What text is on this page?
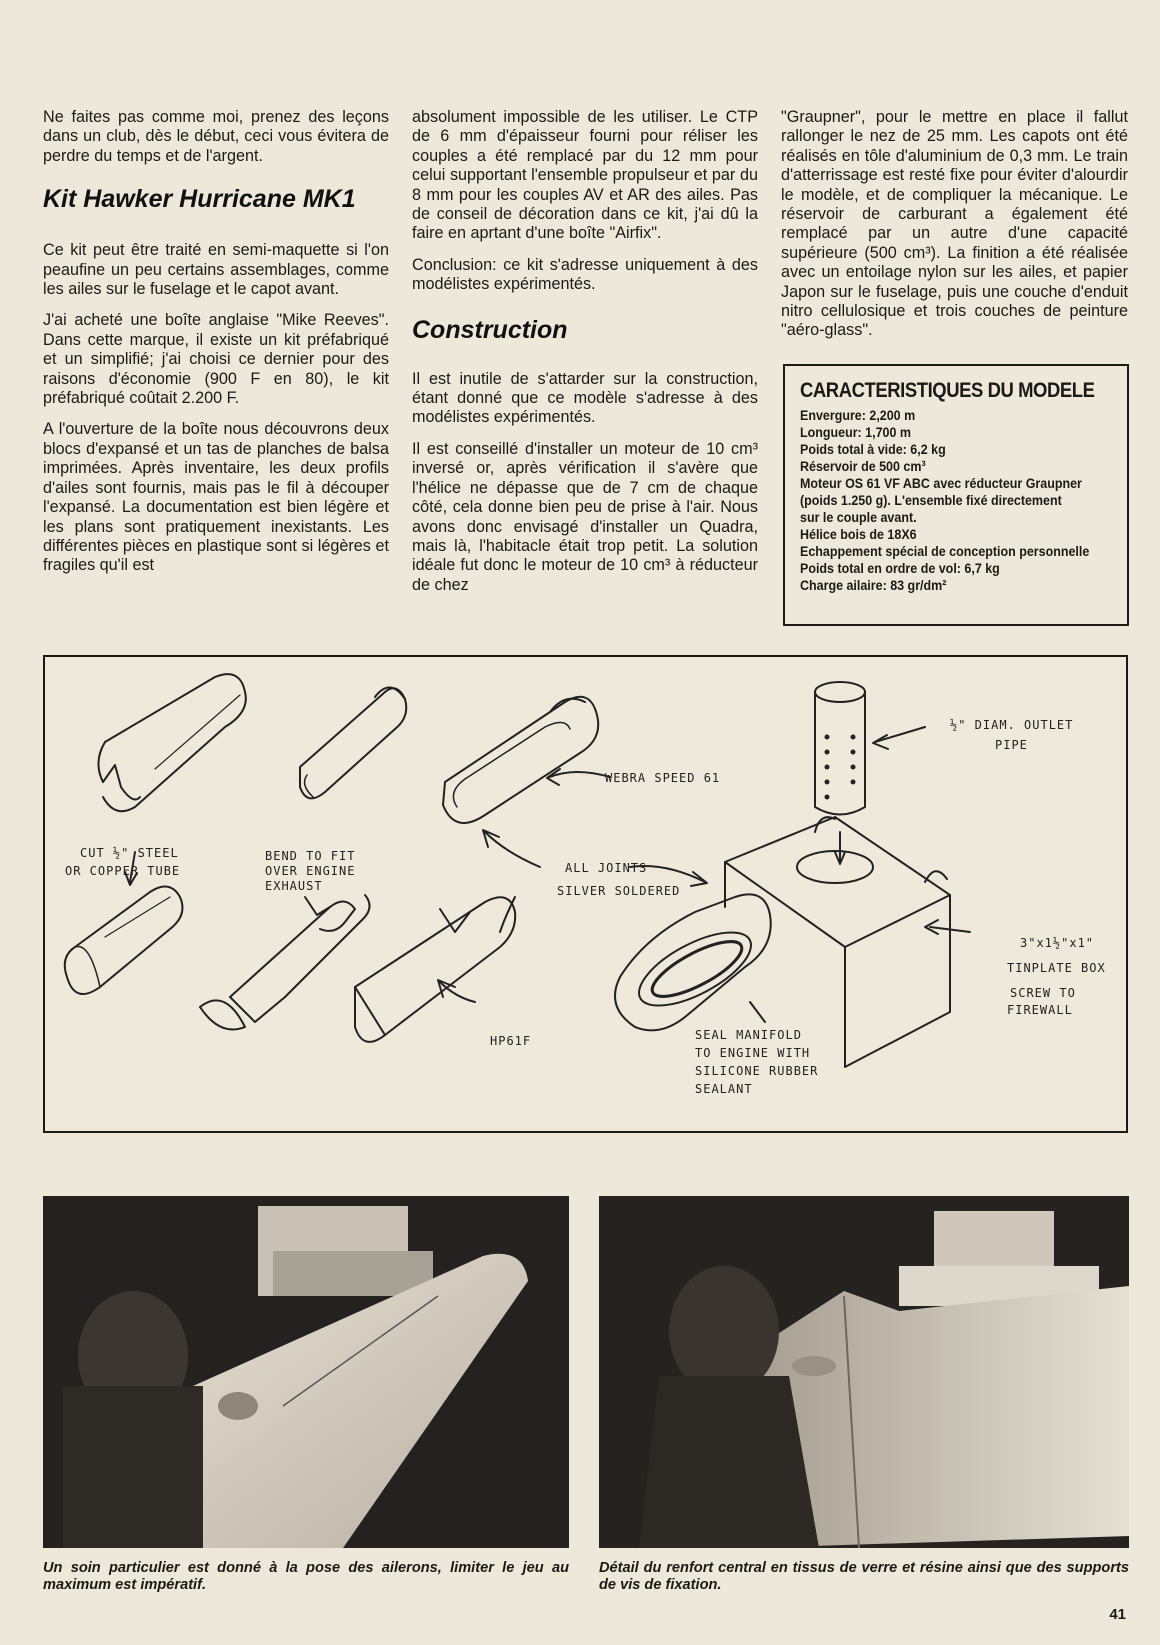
Ne faites pas comme moi, prenez des leçons dans un club, dès le début, ceci vous évitera de perdre du temps et de l'argent.

Kit Hawker Hurricane MK1

Ce kit peut être traité en semi-maquette si l'on peaufine un peu certains assemblages, comme les ailes sur le fuselage et le capot avant.

J'ai acheté une boîte anglaise "Mike Reeves". Dans cette marque, il existe un kit préfabriqué et un simplifié; j'ai choisi ce dernier pour des raisons d'économie (900 F en 80), le kit préfabriqué coûtait 2.200 F.

A l'ouverture de la boîte nous découvrons deux blocs d'expansé et un tas de planches de balsa imprimées. Après inventaire, les deux profils d'ailes sont fournis, mais pas le fil à découper l'expansé. La documentation est bien légère et les plans sont pratiquement inexistants. Les différentes pièces en plastique sont si légères et fragiles qu'il est

absolument impossible de les utiliser. Le CTP de 6 mm d'épaisseur fourni pour réliser les couples a été remplacé par du 12 mm pour celui supportant l'ensemble propulseur et par du 8 mm pour les couples AV et AR des ailes. Pas de conseil de décoration dans ce kit, j'ai dû la faire en aprtant d'une boîte "Airfix".

Conclusion: ce kit s'adresse uniquement à des modélistes expérimentés.

Construction

Il est inutile de s'attarder sur la construction, étant donné que ce modèle s'adresse à des modélistes expérimentés.

Il est conseillé d'installer un moteur de 10 cm³ inversé or, après vérification il s'avère que l'hélice ne dépasse que de 7 cm de chaque côté, cela donne bien peu de prise à l'air. Nous avons donc envisagé d'installer un Quadra, mais là, l'habitacle était trop petit. La solution idéale fut donc le moteur de 10 cm³ à réducteur de chez

"Graupner", pour le mettre en place il fallut rallonger le nez de 25 mm. Les capots ont été réalisés en tôle d'aluminium de 0,3 mm. Le train d'atterrissage est resté fixe pour éviter d'alourdir le modèle, et de compliquer la mécanique. Le réservoir de carburant a également été remplacé par un autre d'une capacité supérieure (500 cm³). La finition a été réalisée avec un entoilage nylon sur les ailes, et papier Japon sur le fuselage, puis une couche d'enduit nitro cellulosique et trois couches de peinture "aéro-glass".

CARACTERISTIQUES DU MODELE
Envergure: 2,200 m
Longueur: 1,700 m
Poids total à vide: 6,2 kg
Réservoir de 500 cm³
Moteur OS 61 VF ABC avec réducteur Graupner
(poids 1.250 g). L'ensemble fixé directement
sur le couple avant.
Hélice bois de 18X6
Echappement spécial de conception personnelle
Poids total en ordre de vol: 6,7 kg
Charge ailaire: 83 gr/dm²
CUT ½" STEEL
OR COPPER TUBE
BEND TO FIT
OVER ENGINE
EXHAUST
WEBRA SPEED 61
ALL JOINTS
SILVER SOLDERED
½" DIAM. OUTLET
PIPE
3"x1½"x1"
TINPLATE BOX
SCREW TO
FIREWALL
HP61F	SEAL MANIFOLD
TO ENGINE WITH
SILICONE RUBBER
SEALANT
Un soin particulier est donné à la pose des ailerons, limiter le jeu au maximum est impératif.
Détail du renfort central en tissus de verre et résine ainsi que des supports de vis de fixation.
41
